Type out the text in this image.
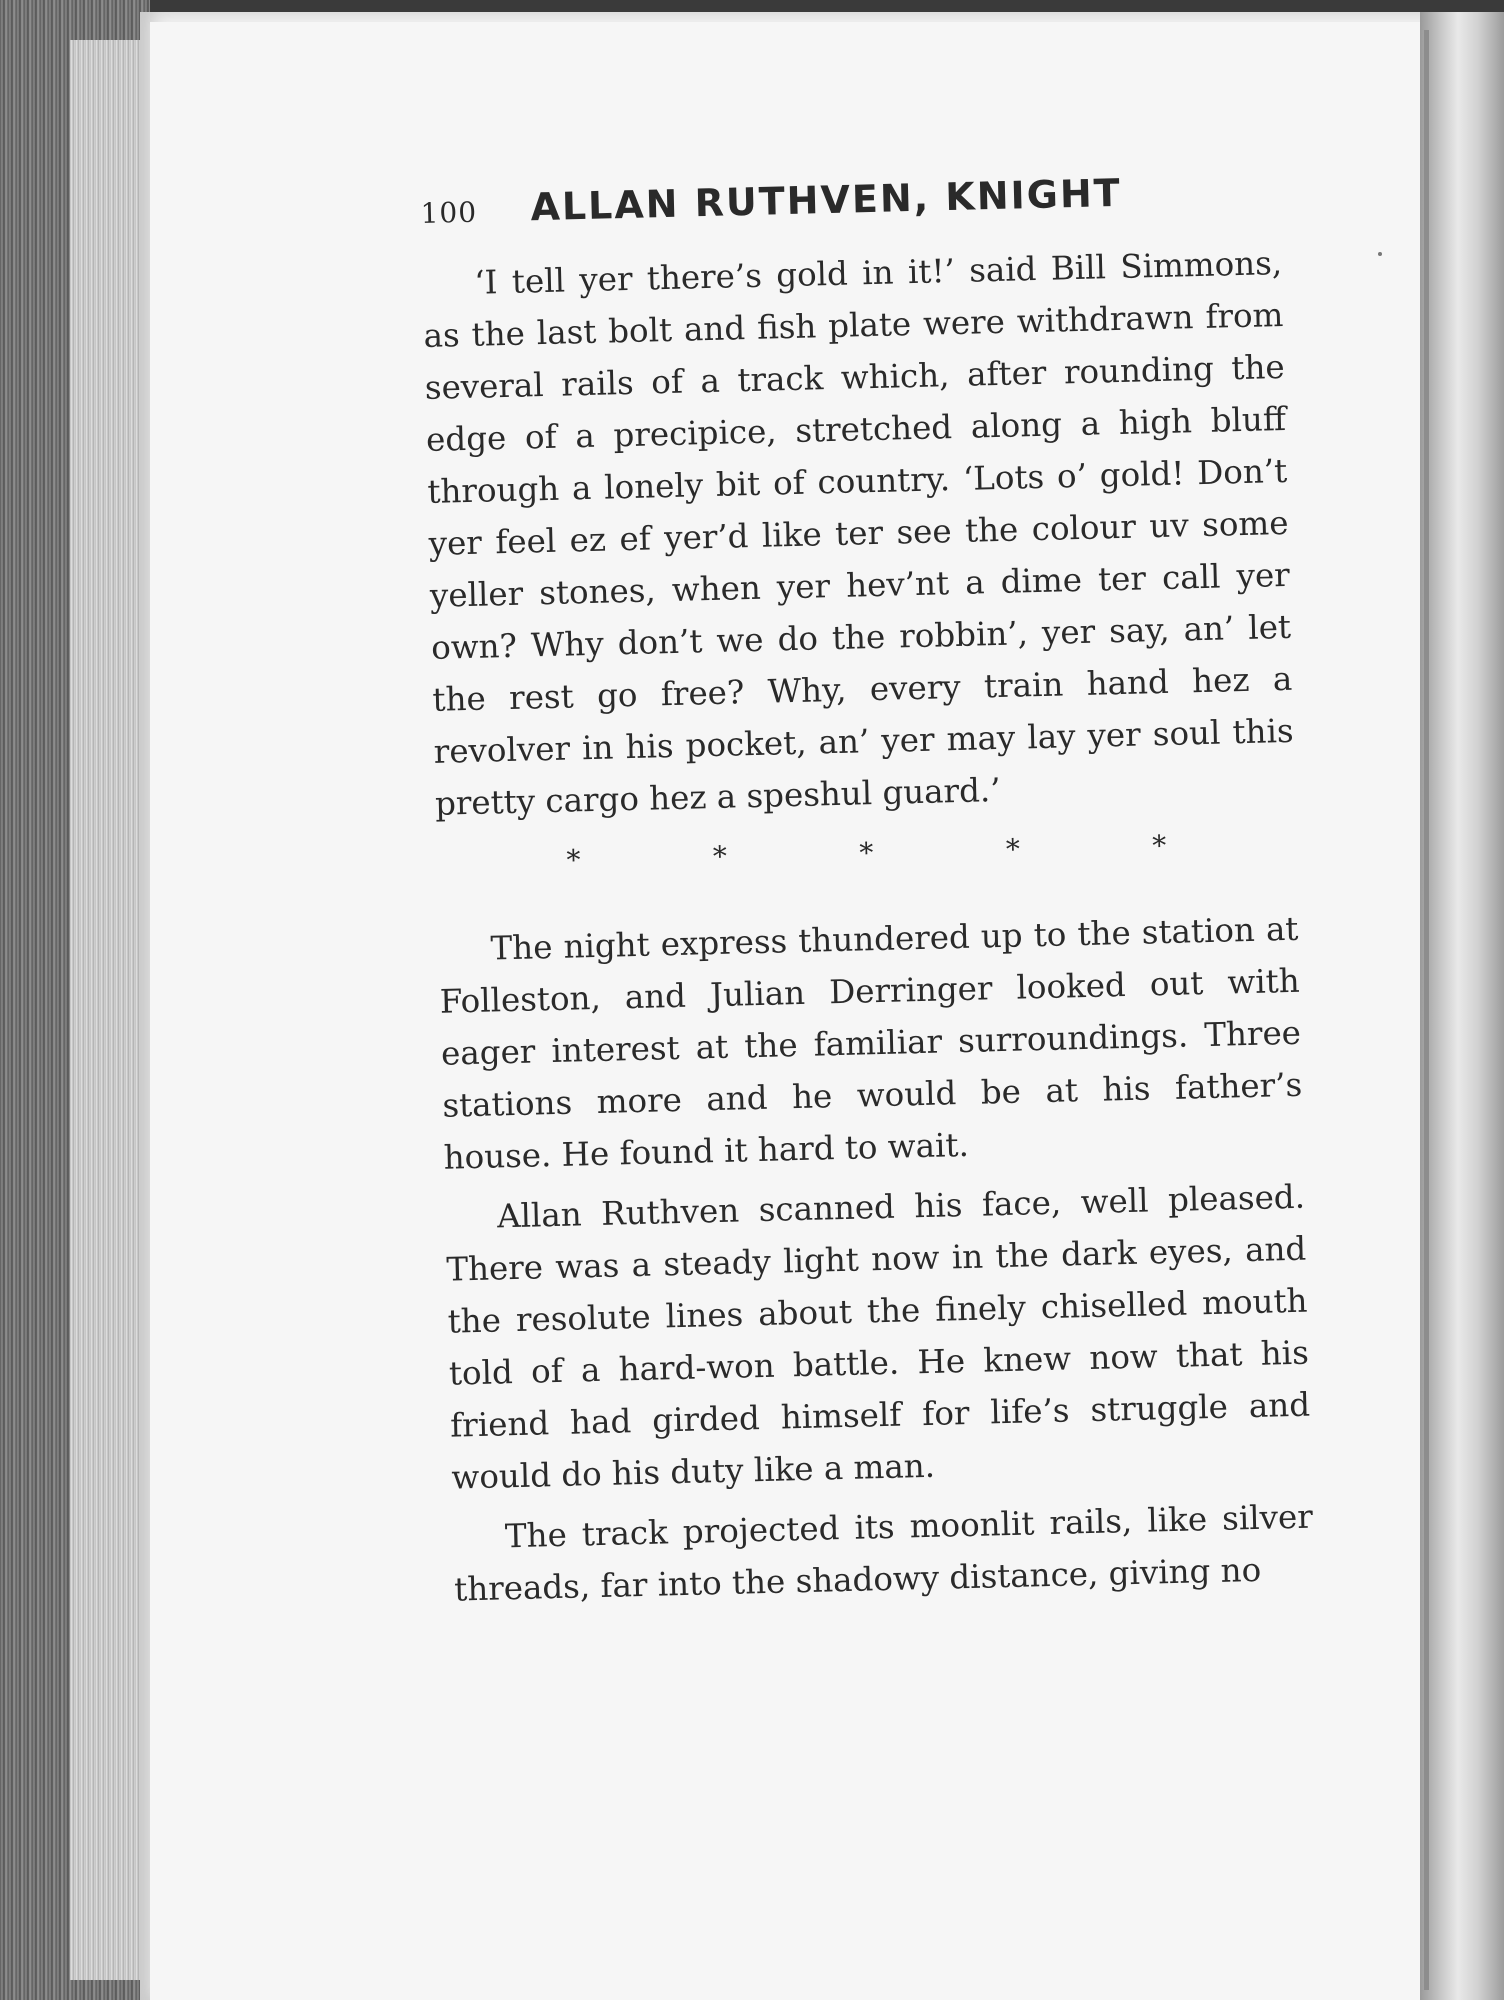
100	ALLAN RUTHVEN, KNIGHT

‘I tell yer there’s gold in it!’ said Bill Simmons, as the last bolt and fish plate were withdrawn from several rails of a track which, after rounding the edge of a precipice, stretched along a high bluff through a lonely bit of country. ‘Lots o’ gold! Don’t yer feel ez ef yer’d like ter see the colour uv some yeller stones, when yer hev’nt a dime ter call yer own? Why don’t we do the robbin’, yer say, an’ let the rest go free? Why, every train hand hez a revolver in his pocket, an’ yer may lay yer soul this pretty cargo hez a speshul guard.’

*	*	*	*	*

The night express thundered up to the station at Folleston, and Julian Derringer looked out with eager interest at the familiar surroundings. Three stations more and he would be at his father’s house. He found it hard to wait.

Allan Ruthven scanned his face, well pleased. There was a steady light now in the dark eyes, and the resolute lines about the finely chiselled mouth told of a hard-won battle. He knew now that his friend had girded himself for life’s struggle and would do his duty like a man.

The track projected its moonlit rails, like silver threads, far into the shadowy distance, giving no
